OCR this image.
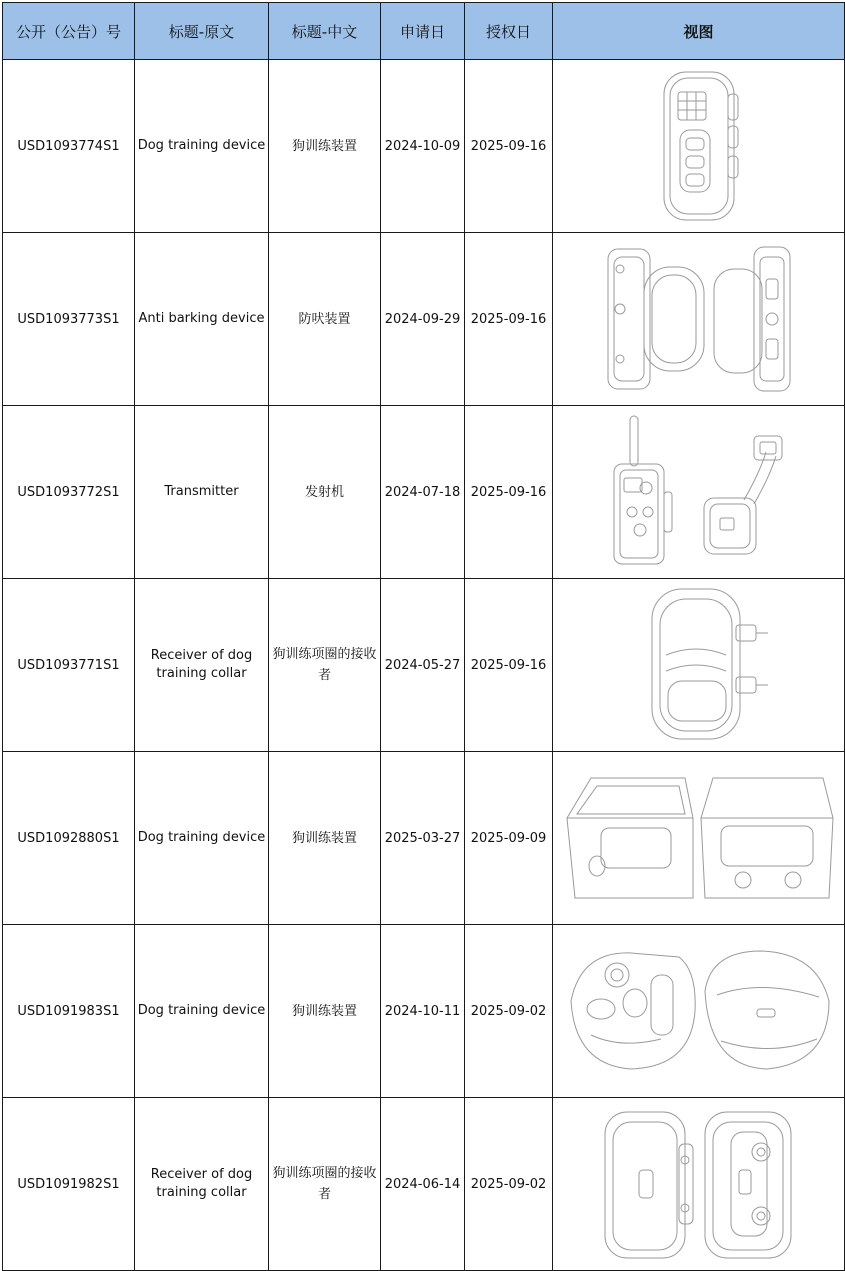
公开（公告）号	标题-原文	标题-中文	申请日	授权日	视图
USD1093774S1	Dog training device	狗训练装置	2024-10-09	2025-09-16	

USD1093773S1	Anti barking device	防吠装置	2024-09-29	2025-09-16	

USD1093772S1	Transmitter	发射机	2024-07-18	2025-09-16	

USD1093771S1	Receiver of dog training collar	狗训练项圈的接收者	2024-05-27	2025-09-16	

USD1092880S1	Dog training device	狗训练装置	2025-03-27	2025-09-09	

USD1091983S1	Dog training device	狗训练装置	2024-10-11	2025-09-02	

USD1091982S1	Receiver of dog training collar	狗训练项圈的接收者	2024-06-14	2025-09-02	
